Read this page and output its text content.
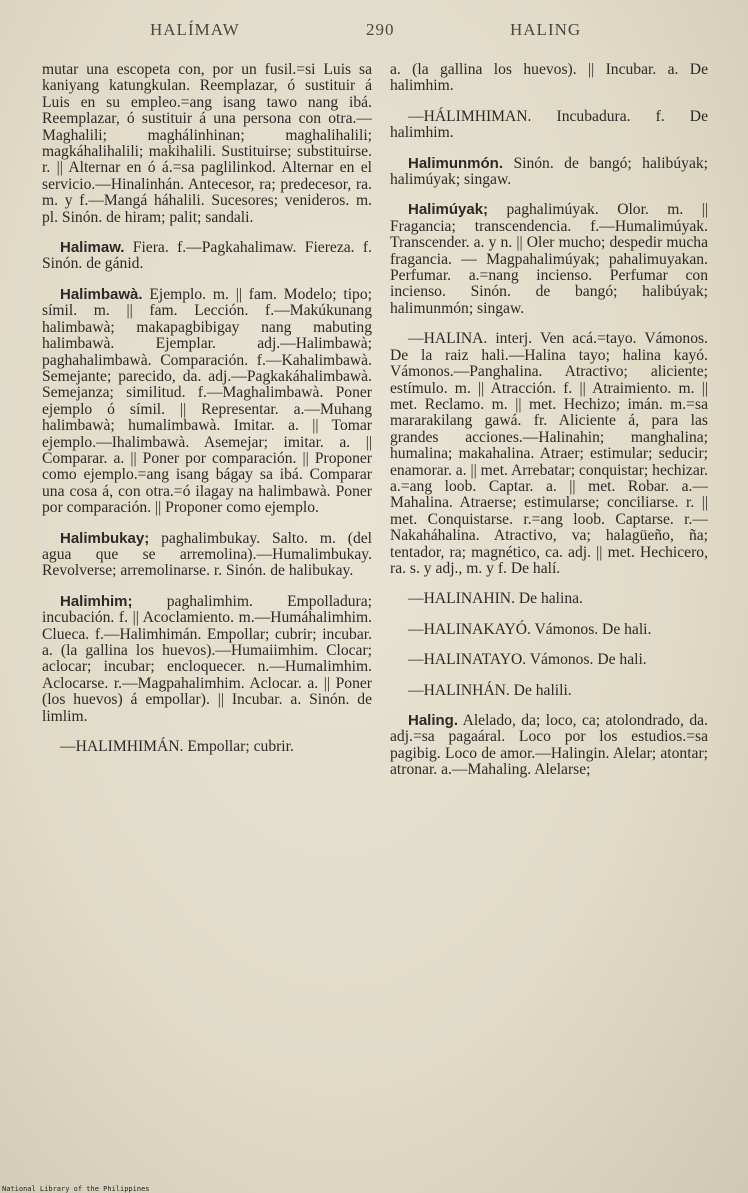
HALÍMAW	290	HALING

mutar una escopeta con, por un fusil.=si Luis sa kaniyang katungkulan. Reemplazar, ó sustituir á Luis en su empleo.=ang isang tawo nang ibá. Reemplazar, ó sustituir á una persona con otra.—Maghalili; maghálinhinan; maghalihalili; magkáhalihalili; makihalili. Sustituirse; substituirse. r. || Alternar en ó á.=sa paglilinkod. Alternar en el servicio.—Hinalinhán. Antecesor, ra; predecesor, ra. m. y f.—Mangá háhalili. Sucesores; venideros. m. pl. Sinón. de hiram; palit; sandali.

Halimaw. Fiera. f.—Pagkahalimaw. Fiereza. f. Sinón. de gánid.

Halimbawà. Ejemplo. m. || fam. Modelo; tipo; símil. m. || fam. Lección. f.—Makúkunang halimbawà; makapagbibigay nang mabuting halimbawà. Ejemplar. adj.—Halimbawà; paghahalimbawà. Comparación. f.—Kahalimbawà. Semejante; parecido, da. adj.—Pagkakáhalimbawà. Semejanza; similitud. f.—Maghalimbawà. Poner ejemplo ó símil. || Representar. a.—Muhang halimbawà; humalimbawà. Imitar. a. || Tomar ejemplo.—Ihalimbawà. Asemejar; imitar. a. || Comparar. a. || Poner por comparación. || Proponer como ejemplo.=ang isang bágay sa ibá. Comparar una cosa á, con otra.=ó ilagay na halimbawà. Poner por comparación. || Proponer como ejemplo.

Halimbukay; paghalimbukay. Salto. m. (del agua que se arremolina).—Humalimbukay. Revolverse; arremolinarse. r. Sinón. de halibukay.

Halimhim; paghalimhim. Empolladura; incubación. f. || Acoclamiento. m.—Humáhalimhim. Clueca. f.—Halimhimán. Empollar; cubrir; incubar. a. (la gallina los huevos).—Humaiimhim. Clocar; aclocar; incubar; encloquecer. n.—Humalimhim. Aclocarse. r.—Magpahalimhim. Aclocar. a. || Poner (los huevos) á empollar). || Incubar. a. Sinón. de limlim.

—HALIMHIMÁN. Empollar; cubrir.

a. (la gallina los huevos). || Incubar. a. De halimhim.

—HÁLIMHIMAN. Incubadura. f. De halimhim.

Halimunmón. Sinón. de bangó; halibúyak; halimúyak; singaw.

Halimúyak; paghalimúyak. Olor. m. || Fragancia; transcendencia. f.—Humalimúyak. Transcender. a. y n. || Oler mucho; despedir mucha fragancia. — Magpahalimúyak; pahalimuyakan. Perfumar. a.=nang incienso. Perfumar con incienso. Sinón. de bangó; halibúyak; halimunmón; singaw.

—HALINA. interj. Ven acá.=tayo. Vámonos. De la raiz hali.—Halina tayo; halina kayó. Vámonos.—Panghalina. Atractivo; aliciente; estímulo. m. || Atracción. f. || Atraimiento. m. || met. Reclamo. m. || met. Hechizo; imán. m.=sa mararakilang gawá. fr. Aliciente á, para las grandes acciones.—Halinahin; manghalina; humalina; makahalina. Atraer; estimular; seducir; enamorar. a. || met. Arrebatar; conquistar; hechizar. a.=ang loob. Captar. a. || met. Robar. a.—Mahalina. Atraerse; estimularse; conciliarse. r. || met. Conquistarse. r.=ang loob. Captarse. r.—Nakaháhalina. Atractivo, va; halagüeño, ña; tentador, ra; magnético, ca. adj. || met. Hechicero, ra. s. y adj., m. y f. De halí.

—HALINAHIN. De halina.

—HALINAKAYÓ. Vámonos. De hali.

—HALINATAYO. Vámonos. De hali.

—HALINHÁN. De halili.

Haling. Alelado, da; loco, ca; atolondrado, da. adj.=sa pagaáral. Loco por los estudios.=sa pagibig. Loco de amor.—Halingin. Alelar; atontar; atronar. a.—Mahaling. Alelarse;

National Library of the Philippines
